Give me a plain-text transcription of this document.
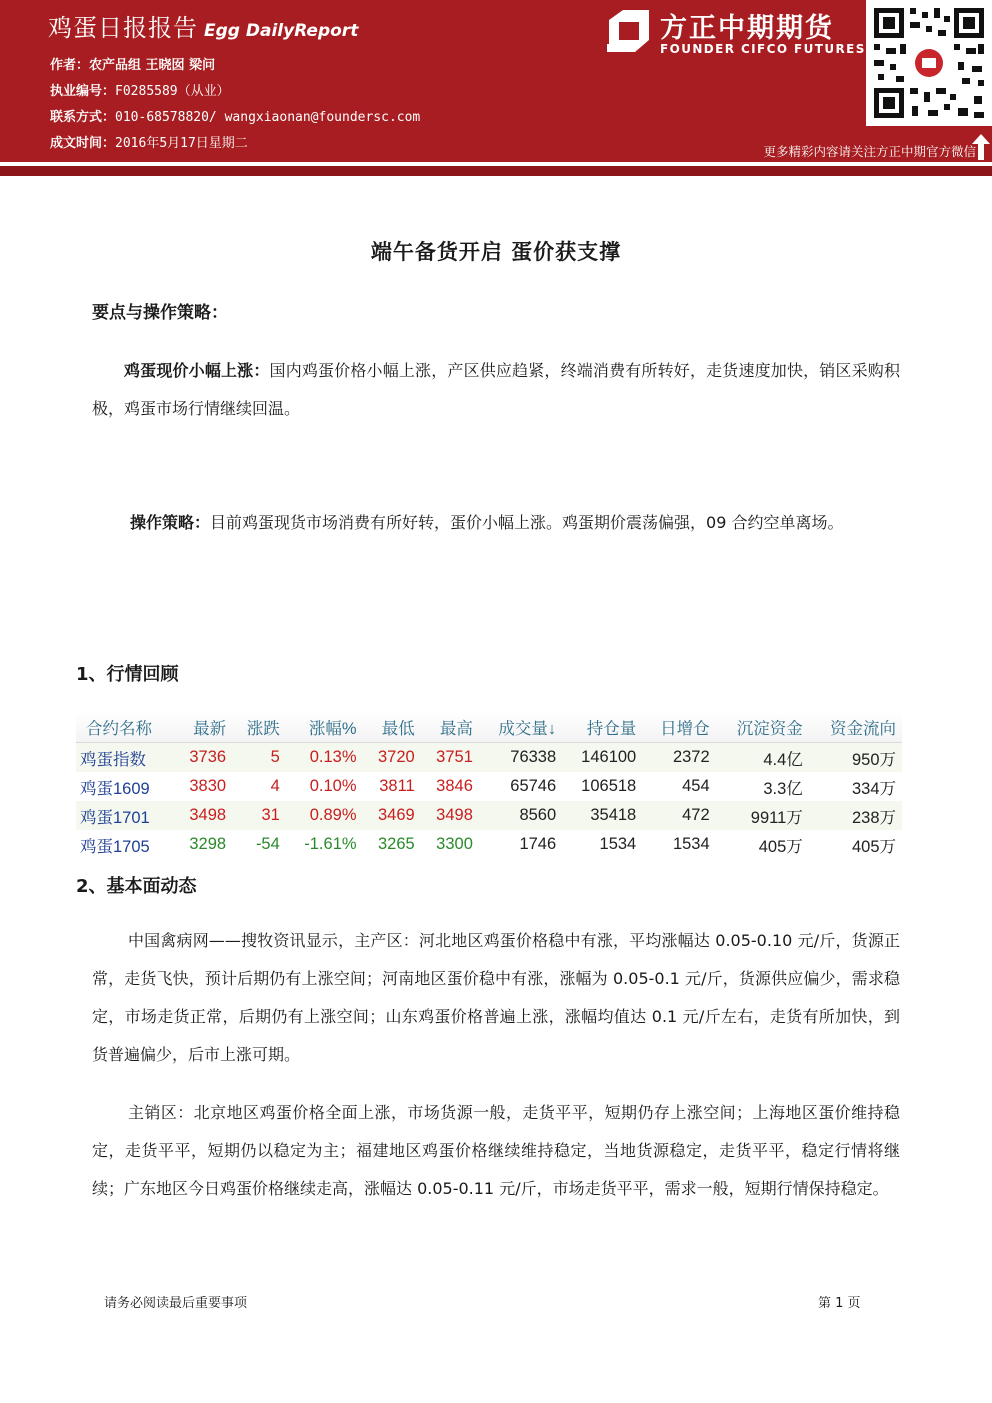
鸡蛋日报报告 Egg DailyReport
作者：农产品组 王晓囡 梁问
执业编号：F0285589（从业）
联系方式：010-68578820/ wangxiaonan@foundersc.com
成文时间：2016年5月17日星期二
方正中期期货
FOUNDER CIFCO FUTURES
更多精彩内容请关注方正中期官方微信
端午备货开启 蛋价获支撑
要点与操作策略：
鸡蛋现价小幅上涨：国内鸡蛋价格小幅上涨，产区供应趋紧，终端消费有所转好，走货速度加快，销区采购积极，鸡蛋市场行情继续回温。
操作策略：目前鸡蛋现货市场消费有所好转，蛋价小幅上涨。鸡蛋期价震荡偏强，09 合约空单离场。
1、行情回顾
合约名称	最新	涨跌	涨幅%	最低	最高	成交量↓	持仓量	日增仓	沉淀资金	资金流向
鸡蛋指数	3736	5	0.13%	3720	3751	76338	146100	2372	4.4亿	950万
鸡蛋1609	3830	4	0.10%	3811	3846	65746	106518	454	3.3亿	334万
鸡蛋1701	3498	31	0.89%	3469	3498	8560	35418	472	9911万	238万
鸡蛋1705	3298	-54	-1.61%	3265	3300	1746	1534	1534	405万	405万
2、基本面动态
中国禽病网——搜牧资讯显示，主产区：河北地区鸡蛋价格稳中有涨，平均涨幅达 0.05-0.10 元/斤，货源正常，走货飞快，预计后期仍有上涨空间；河南地区蛋价稳中有涨，涨幅为 0.05-0.1 元/斤，货源供应偏少，需求稳定，市场走货正常，后期仍有上涨空间；山东鸡蛋价格普遍上涨，涨幅均值达 0.1 元/斤左右，走货有所加快，到货普遍偏少，后市上涨可期。
主销区：北京地区鸡蛋价格全面上涨，市场货源一般，走货平平，短期仍存上涨空间；上海地区蛋价维持稳定，走货平平，短期仍以稳定为主；福建地区鸡蛋价格继续维持稳定，当地货源稳定，走货平平，稳定行情将继续；广东地区今日鸡蛋价格继续走高，涨幅达 0.05-0.11 元/斤，市场走货平平，需求一般，短期行情保持稳定。
请务必阅读最后重要事项	第 1 页
